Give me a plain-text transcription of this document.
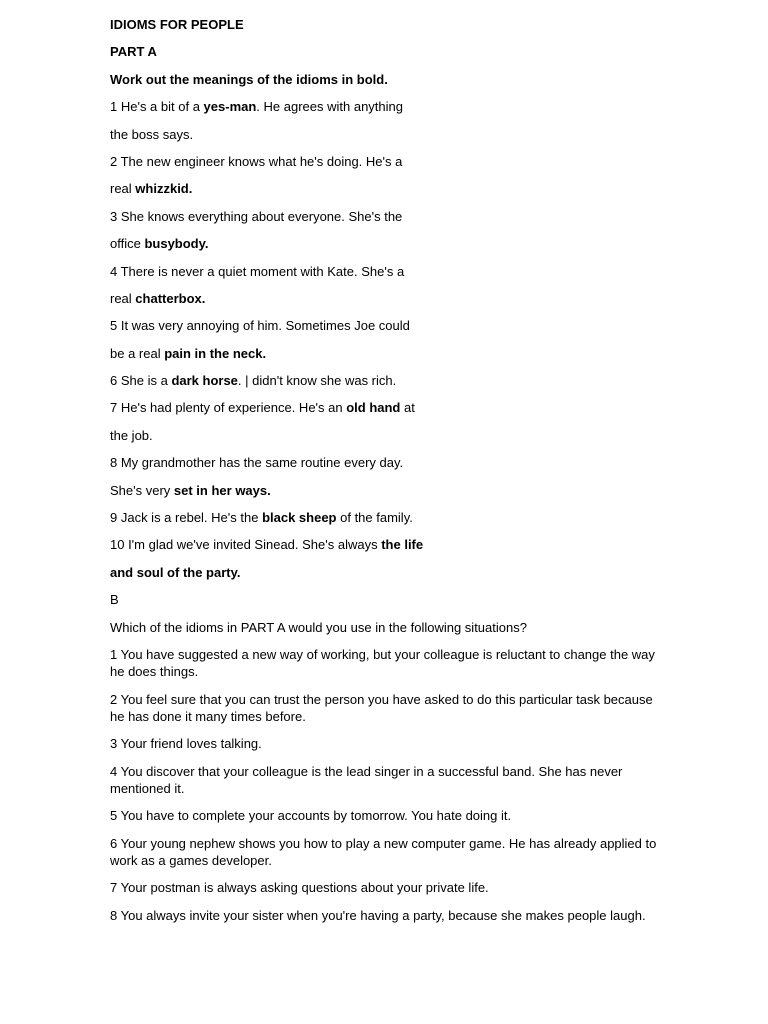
IDIOMS FOR PEOPLE

PART A

Work out the meanings of the idioms in bold.

1 He's a bit of a yes-man. He agrees with anything

the boss says.

2 The new engineer knows what he's doing. He's a

real whizzkid.

3 She knows everything about everyone. She's the

office busybody.

4 There is never a quiet moment with Kate. She's a

real chatterbox.

5 It was very annoying of him. Sometimes Joe could

be a real pain in the neck.

6 She is a dark horse. | didn't know she was rich.

7 He's had plenty of experience. He's an old hand at

the job.

8 My grandmother has the same routine every day.

She's very set in her ways.

9 Jack is a rebel. He's the black sheep of the family.

10 I'm glad we've invited Sinead. She's always the life

and soul of the party.

B

Which of the idioms in PART A would you use in the following situations?

1 You have suggested a new way of working, but your colleague is reluctant to change the way he does things.

2 You feel sure that you can trust the person you have asked to do this particular task because he has done it many times before.

3 Your friend loves talking.

4 You discover that your colleague is the lead singer in a successful band. She has never mentioned it.

5 You have to complete your accounts by tomorrow. You hate doing it.

6 Your young nephew shows you how to play a new computer game. He has already applied to work as a games developer.

7 Your postman is always asking questions about your private life.

8 You always invite your sister when you're having a party, because she makes people laugh.
